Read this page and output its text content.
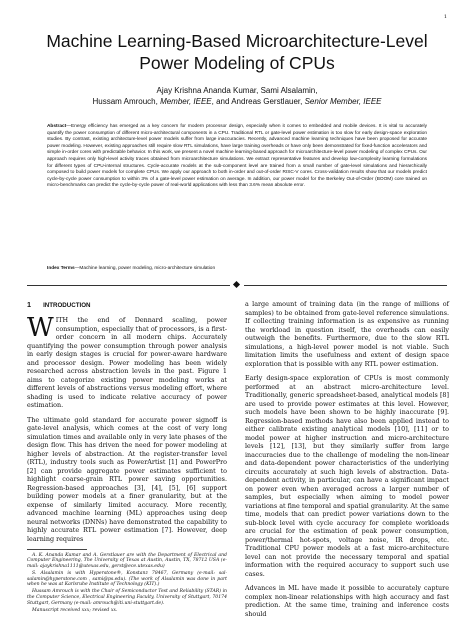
1
Machine Learning-Based Microarchitecture-Level Power Modeling of CPUs
Ajay Krishna Ananda Kumar, Sami Alsalamin,
Hussam Amrouch, Member, IEEE, and Andreas Gerstlauer, Senior Member, IEEE
Abstract—Energy efficiency has emerged as a key concern for modern processor design, especially when it comes to embedded and mobile devices. It is vital to accurately quantify the power consumption of different micro-architectural components in a CPU. Traditional RTL or gate-level power estimation is too slow for early design-space exploration studies. By contrast, existing architecture-level power models suffer from large inaccuracies. Recently, advanced machine learning techniques have been proposed for accurate power modeling. However, existing approaches still require slow RTL simulations, have large training overheads or have only been demonstrated for fixed-function accelerators and simple in-order cores with predictable behavior. In this work, we present a novel machine learning-based approach for microarchitecture-level power modeling of complex CPUs. Our approach requires only high-level activity traces obtained from microarchitecture simulations. We extract representative features and develop low-complexity learning formulations for different types of CPU-internal structures. Cycle-accurate models at the sub-component level are trained from a small number of gate-level simulations and hierarchically composed to build power models for complete CPUs. We apply our approach to both in-order and out-of-order RISC-V cores. Cross-validation results show that our models predict cycle-by-cycle power consumption to within 3% of a gate-level power estimation on average. In addition, our power model for the Berkeley Out-of-Order (BOOM) core trained on micro-benchmarks can predict the cycle-by-cycle power of real-world applications with less than 3.6% mean absolute error.
Index Terms—Machine learning, power modeling, micro-architecture simulation
1 INTRODUCTION

WITH the end of Dennard scaling, power consumption, especially that of processors, is a first-order concern in all modern chips. Accurately quantifying the power consumption through power analysis in early design stages is crucial for power-aware hardware and processor design. Power modeling has been widely researched across abstraction levels in the past. Figure 1 aims to categorize existing power modeling works at different levels of abstractions versus modeling effort, where shading is used to indicate relative accuracy of power estimation.

The ultimate gold standard for accurate power signoff is gate-level analysis, which comes at the cost of very long simulation times and available only in very late phases of the design flow. This has driven the need for power modeling at higher levels of abstraction. At the register-transfer level (RTL), industry tools such as PowerArtist [1] and PowerPro [2] can provide aggregate power estimates sufficient to highlight coarse-grain RTL power saving opportunities. Regression-based approaches [3], [4], [5], [6] support building power models at a finer granularity, but at the expense of similarly limited accuracy. More recently, advanced machine learning (ML) approaches using deep neural networks (DNNs) have demonstrated the capability to highly accurate RTL power estimation [7]. However, deep learning requires

A. K. Ananda Kumar and A. Gerstlauer are with the Department of Electrical and Computer Engineering, The University of Texas at Austin, Austin, TX, 78712 USA (e-mail: ajaykrishna1111@utexas.edu, gerst@ece.utexas.edu)

S. Alsalamin is with Hyperstone®, Konstanz 78467, Germany (e-mail: sal-salamin@hyperstone.com , sami@ps.edu). (The work of Alsalamin was done in part when he was at Karlsruhe Institute of Technology (KIT).)

Hussam Amrouch is with the Chair of Semiconductor Test and Reliability (STAR) in the Computer Science, Electrical Engineering Faculty, University of Stuttgart, 70174 Stuttgart, Germany (e-mail: amrouch@iti.uni-stuttgart.de).

Manuscript received xxx; revised xx.

a large amount of training data (in the range of millions of samples) to be obtained from gate-level reference simulations. If collecting training information is as expensive as running the workload in question itself, the overheads can easily outweigh the benefits. Furthermore, due to the slow RTL simulations, a high-level power model is not viable. Such limitation limits the usefulness and extent of design space exploration that is possible with any RTL power estimation.

Early design-space exploration of CPUs is most commonly performed at an abstract micro-architecture level. Traditionally, generic spreadsheet-based, analytical models [8] are used to provide power estimates at this level. However, such models have been shown to be highly inaccurate [9]. Regression-based methods have also been applied instead to either calibrate existing analytical models [10], [11] or to model power at higher instruction and micro-architecture levels [12], [13], but they similarly suffer from large inaccuracies due to the challenge of modeling the non-linear and data-dependent power characteristics of the underlying circuits accurately at such high levels of abstraction. Data-dependent activity, in particular, can have a significant impact on power even when averaged across a larger number of samples, but especially when aiming to model power variations at fine temporal and spatial granularity. At the same time, models that can predict power variations down to the sub-block level with cycle accuracy for complete workloads are crucial for the estimation of peak power consumption, power/thermal hot-spots, voltage noise, IR drops, etc. Traditional CPU power models at a fast micro-architecture level can not provide the necessary temporal and spatial information with the required accuracy to support such use cases.

Advances in ML have made it possible to accurately capture complex non-linear relationships with high accuracy and fast prediction. At the same time, training and inference costs should
